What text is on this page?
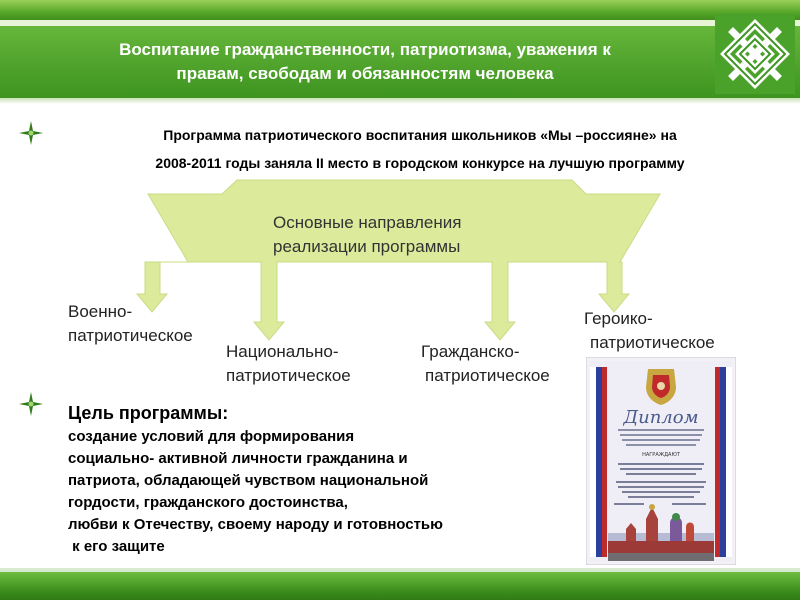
Воспитание гражданственности, патриотизма, уважения к
правам, свободам и обязанностям человека
Программа патриотического воспитания школьников «Мы –россияне» на
2008-2011 годы заняла II место в городском конкурсе на лучшую программу
Основные направления
реализации программы
Военно-
патриотическое
Национально-
патриотическое
Гражданско-
патриотическое
Героико-
патриотическое
Цель программы:
создание условий для формирования
социально- активной личности гражданина и
патриота, обладающей чувством национальной
гордости, гражданского достоинства,
любви к Отечеству, своему народу и готовностью
к его защите
Диплом
НАГРАЖДАЮТ
